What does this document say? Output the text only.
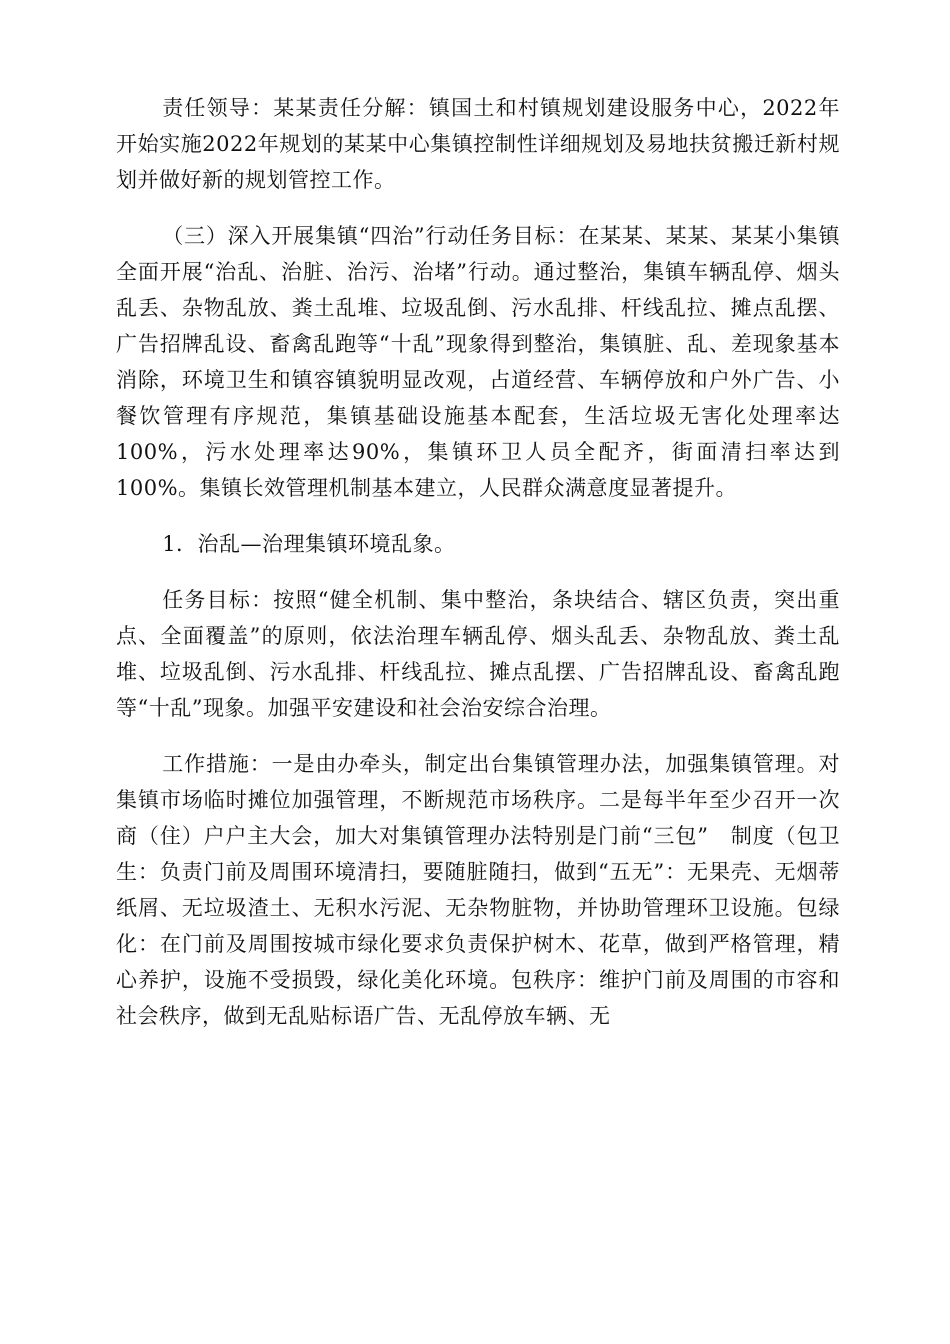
责任领导：某某责任分解：镇国土和村镇规划建设服务中心，2022年开始实施2022年规划的某某中心集镇控制性详细规划及易地扶贫搬迁新村规划并做好新的规划管控工作。

（三）深入开展集镇“四治”行动任务目标：在某某、某某、某某小集镇全面开展“治乱、治脏、治污、治堵”行动。通过整治，集镇车辆乱停、烟头乱丢、杂物乱放、粪土乱堆、垃圾乱倒、污水乱排、杆线乱拉、摊点乱摆、广告招牌乱设、畜禽乱跑等“十乱”现象得到整治，集镇脏、乱、差现象基本消除，环境卫生和镇容镇貌明显改观，占道经营、车辆停放和户外广告、小餐饮管理有序规范，集镇基础设施基本配套，生活垃圾无害化处理率达100%，污水处理率达90%，集镇环卫人员全配齐，街面清扫率达到 100%。集镇长效管理机制基本建立，人民群众满意度显著提升。

1．治乱—治理集镇环境乱象。

任务目标：按照“健全机制、集中整治，条块结合、辖区负责，突出重点、全面覆盖”的原则，依法治理车辆乱停、烟头乱丢、杂物乱放、粪土乱堆、垃圾乱倒、污水乱排、杆线乱拉、摊点乱摆、广告招牌乱设、畜禽乱跑等“十乱”现象。加强平安建设和社会治安综合治理。

工作措施：一是由办牵头，制定出台集镇管理办法，加强集镇管理。对集镇市场临时摊位加强管理，不断规范市场秩序。二是每半年至少召开一次商（住）户户主大会，加大对集镇管理办法特别是门前“三包”　制度（包卫生：负责门前及周围环境清扫，要随脏随扫，做到“五无”：无果壳、无烟蒂纸屑、无垃圾渣土、无积水污泥、无杂物脏物，并协助管理环卫设施。包绿化：在门前及周围按城市绿化要求负责保护树木、花草，做到严格管理，精心养护，设施不受损毁，绿化美化环境。包秩序：维护门前及周围的市容和社会秩序，做到无乱贴标语广告、无乱停放车辆、无
